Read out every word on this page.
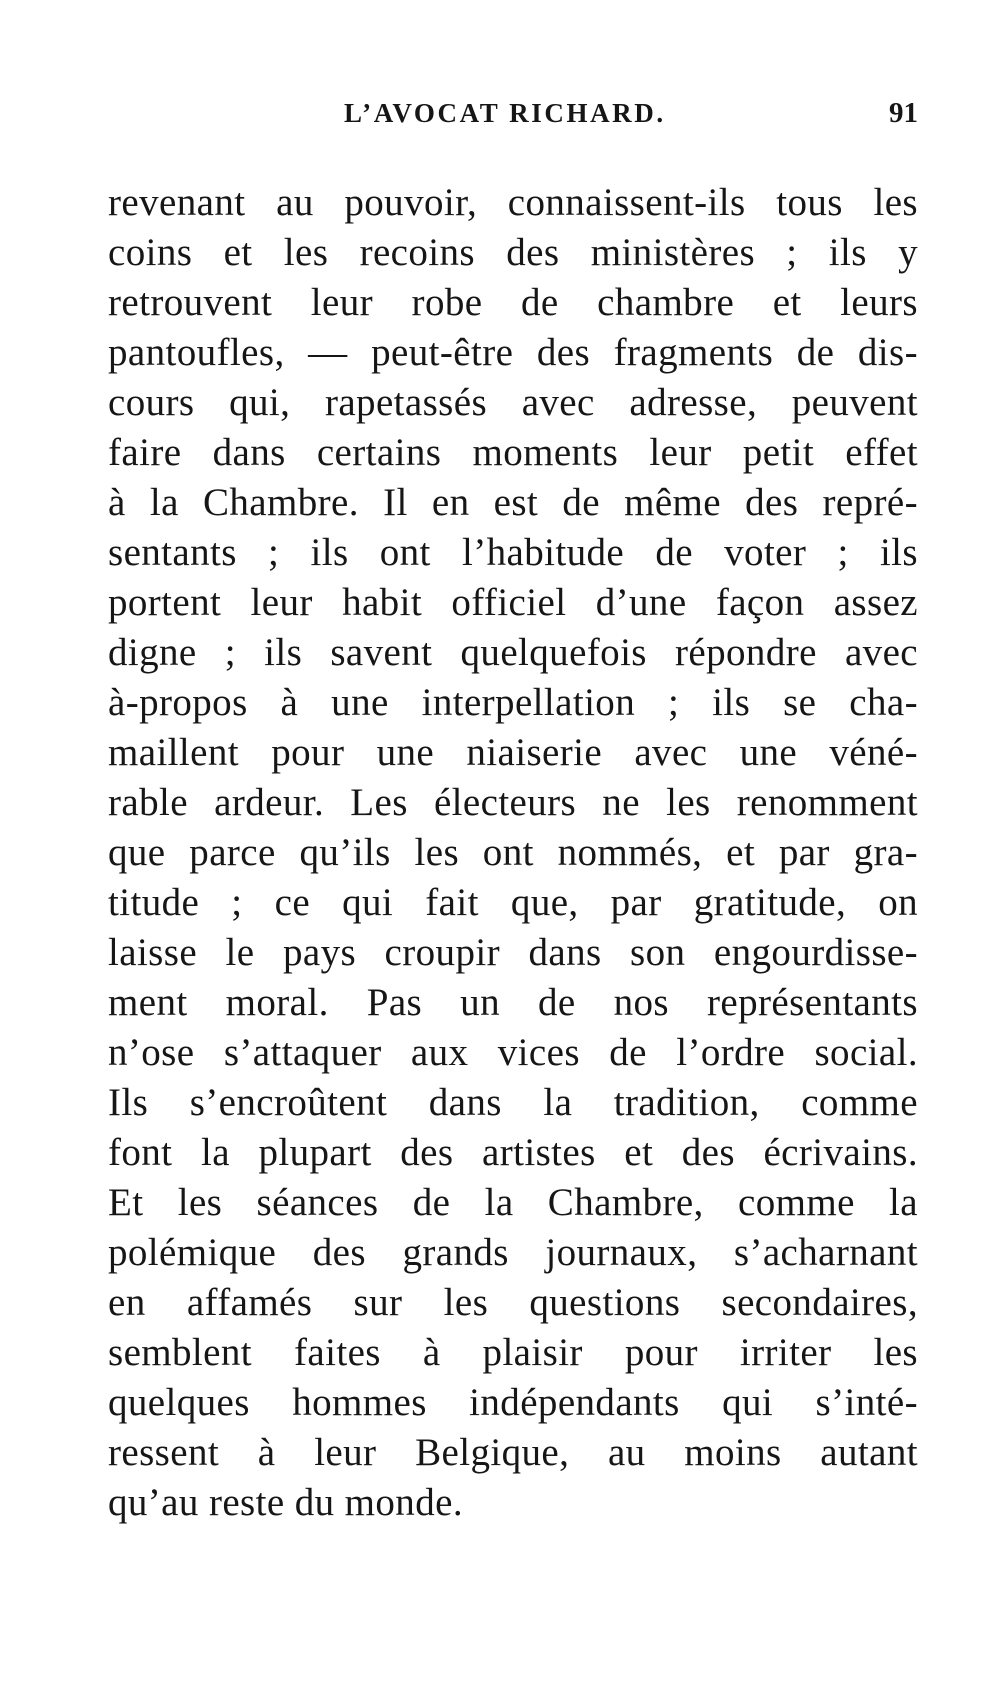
L’AVOCAT RICHARD.	91
revenant au pouvoir, connaissent-ils tous les
coins et les recoins des ministères ; ils y
retrouvent leur robe de chambre et leurs
pantoufles, — peut-être des fragments de dis-
cours qui, rapetassés avec adresse, peuvent
faire dans certains moments leur petit effet
à la Chambre. Il en est de même des repré-
sentants ; ils ont l’habitude de voter ; ils
portent leur habit officiel d’une façon assez
digne ; ils savent quelquefois répondre avec
à-propos à une interpellation ; ils se cha-
maillent pour une niaiserie avec une véné-
rable ardeur. Les électeurs ne les renomment
que parce qu’ils les ont nommés, et par gra-
titude ; ce qui fait que, par gratitude, on
laisse le pays croupir dans son engourdisse-
ment moral. Pas un de nos représentants
n’ose s’attaquer aux vices de l’ordre social.
Ils s’encroûtent dans la tradition, comme
font la plupart des artistes et des écrivains.
Et les séances de la Chambre, comme la
polémique des grands journaux, s’acharnant
en affamés sur les questions secondaires,
semblent faites à plaisir pour irriter les
quelques hommes indépendants qui s’inté-
ressent à leur Belgique, au moins autant
qu’au reste du monde.
